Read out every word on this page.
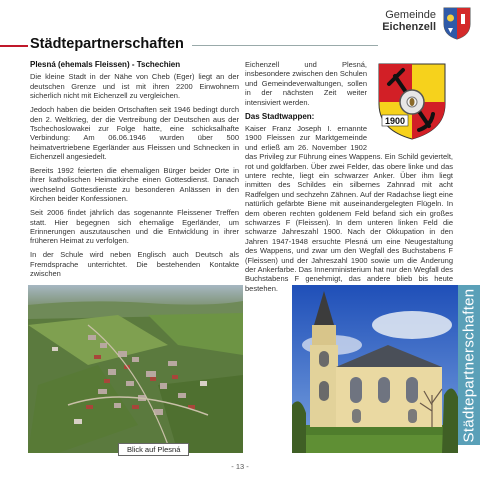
Gemeinde
Eichenzell
Städtepartnerschaften
Plesná (ehemals Fleissen) - Tschechien

Die kleine Stadt in der Nähe von Cheb (Eger) liegt an der deutschen Grenze und ist mit ihren 2200 Einwohnern sicherlich nicht mit Eichenzell zu vergleichen.

Jedoch haben die beiden Ortschaften seit 1946 bedingt durch den 2. Weltkrieg, der die Vertreibung der Deutschen aus der Tschechoslowakei zur Folge hatte, eine schicksalhafte Verbindung: Am 06.06.1946 wurden über 500 heimatvertriebene Egerländer aus Fleissen und Schnecken in Eichenzell angesiedelt.

Bereits 1992 feierten die ehemaligen Bürger beider Orte in ihrer katholischen Heimatkirche einen Gottesdienst. Danach wechselnd Gottesdienste zu besonderen Anlässen in den Kirchen beider Konfessionen.

Seit 2006 findet jährlich das sogenannte Fleissener Treffen statt. Hier begegnen sich ehemalige Egerländer, um Erinnerungen auszutauschen und die Entwicklung in ihrer früheren Heimat zu verfolgen.

In der Schule wird neben Englisch auch Deutsch als Fremdsprache unterrichtet. Die bestehenden Kontakte zwischen

1900

Eichenzell und Plesná, insbesondere zwischen den Schulen und Gemeindeverwaltungen, sollen in der nächsten Zeit weiter intensiviert werden.

Das Stadtwappen:

Kaiser Franz Joseph I. ernannte 1900 Fleissen zur Marktgemeinde und erließ am 26. November 1902 das Privileg zur Führung eines Wappens. Ein Schild geviertelt, rot und goldfarben. Über zwei Felder, das obere linke und das untere rechte, liegt ein schwarzer Anker. Über ihm liegt inmitten des Schildes ein silbernes Zahnrad mit acht Radfelgen und sechzehn Zähnen. Auf der Radachse liegt eine natürlich gefärbte Biene mit auseinandergelegten Flügeln. In dem oberen rechten goldenem Feld befand sich ein großes schwarzes F (Fleissen). In dem unteren linken Feld die schwarze Jahreszahl 1900. Nach der Okkupation in den Jahren 1947-1948 ersuchte Plesná um eine Neugestaltung des Wappens, und zwar um den Wegfall des Buchstabens F (Fleissen) und der Jahreszahl 1900 sowie um die Änderung der Ankerfarbe. Das Innenministerium hat nur den Wegfall des Buchstabens F genehmigt, das andere blieb bis heute bestehen.

Blick auf Plesná
Städtepartnerschaften
- 13 -
